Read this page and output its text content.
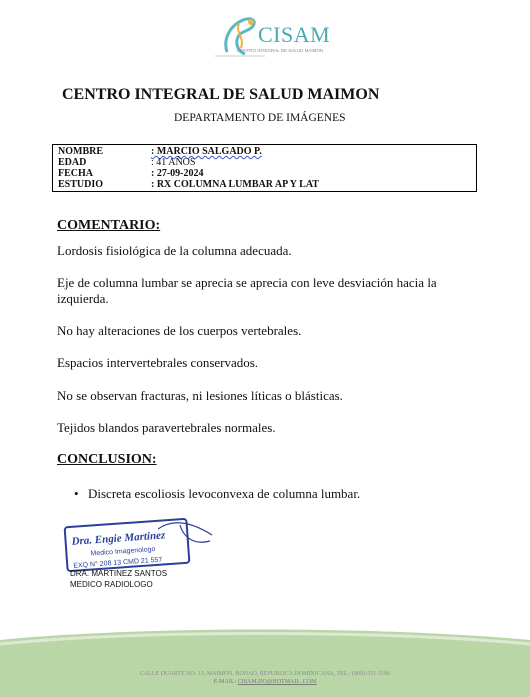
CISAM
CENTRO INTEGRAL DE SALUD MAIMON
CENTRO INTEGRAL DE SALUD MAIMON
DEPARTAMENTO DE IMÁGENES
NOMBRE	: MARCIO SALGADO P.
EDAD	: 41 AÑOS
FECHA	: 27-09-2024
ESTUDIO	: RX COLUMNA LUMBAR AP Y LAT
COMENTARIO:
Lordosis fisiológica de la columna adecuada.
Eje de columna lumbar se aprecia se aprecia con leve desviación hacia la izquierda.
No hay alteraciones de los cuerpos vertebrales.
Espacios intervertebrales conservados.
No se observan fracturas, ni lesiones líticas o blásticas.
Tejidos blandos paravertebrales normales.
CONCLUSION:
• Discreta escoliosis levoconvexa de columna lumbar.
Dra. Engie Martinez
Medico Imagenologo
EXQ N° 208 13 CMD 21 557
DRA. MARTINEZ SANTOS
MEDICO RADIOLOGO
CALLE DUARTE NO. 13, MAIMÓN, BONAO, REPUBLICA DOMINICANA, TEL.: (809)-551-2106
E-MAIL: CISAM.DO@HOTMAIL .COM
